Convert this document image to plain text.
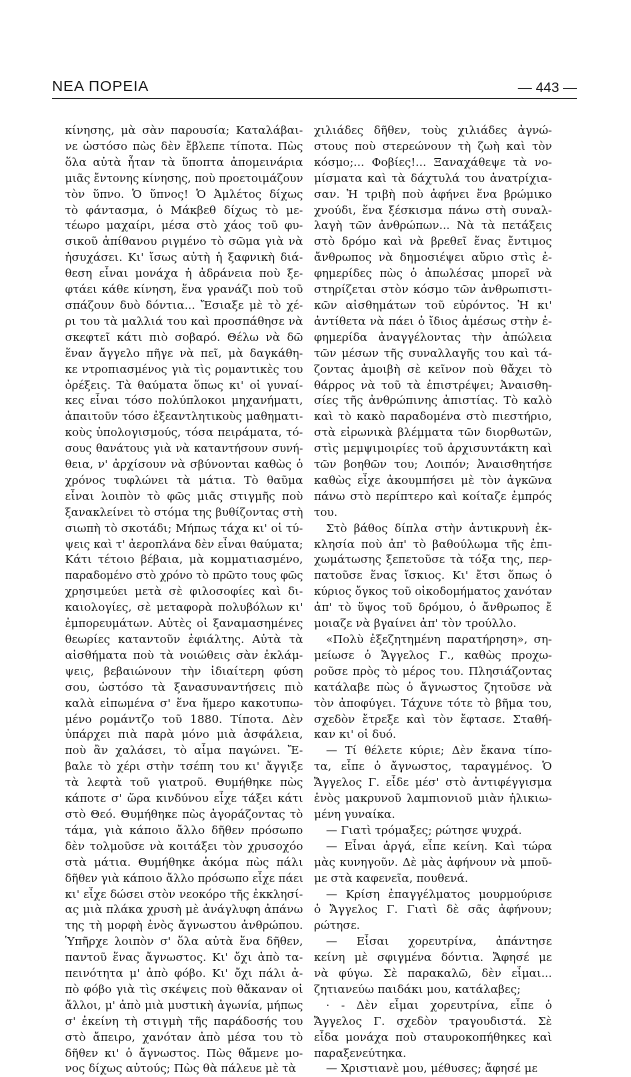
ΝΕΑ ΠΟΡΕΙΑ	— 443 —
κίνησης, μὰ σὰν παρουσία; Καταλάβαι-
νε ὡστόσο πὼς δὲν ἔβλεπε τίποτα. Πὼς
ὅλα αὐτὰ ἦταν τὰ ὕποπτα ἀπομεινάρια
μιᾶς ἔντονης κίνησης, ποὺ προετοιμάζουν
τὸν ὕπνο. Ὁ ὕπνος! Ὁ Ἀμλέτος δίχως
τὸ φάντασμα, ὁ Μάκβεθ δίχως τὸ με-
τέωρο μαχαίρι, μέσα στὸ χάος τοῦ φυ-
σικοῦ ἀπίθανου ριγμένο τὸ σῶμα γιὰ νὰ
ἡσυχάσει. Κι' ἴσως αὐτὴ ἡ ξαφνικὴ διά-
θεση εἶναι μονάχα ἡ ἀδράνεια ποὺ ξε-
φτάει κάθε κίνηση, ἕνα γρανάζι ποὺ τοῦ
σπάζουν δυὸ δόντια... Ἔσιαξε μὲ τὸ χέ-
ρι του τὰ μαλλιά του καὶ προσπάθησε νὰ
σκεφτεῖ κάτι πιὸ σοβαρό. Θέλω νὰ δῶ
ἕναν ἄγγελο πῆγε νὰ πεῖ, μὰ δαγκάθη-
κε ντροπιασμένος γιὰ τὶς ρομαντικὲς του
ὀρέξεις. Τὰ θαύματα ὅπως κι' οἱ γυναί-
κες εἶναι τόσο πολύπλοκοι μηχανήματι,
ἀπαιτοῦν τόσο ἐξεαντλητικοὺς μαθηματι-
κοὺς ὑπολογισμούς, τόσα πειράματα, τό-
σους θανάτους γιὰ νὰ καταντήσουν συνή-
θεια, ν' ἀρχίσουν νὰ σβύνονται καθὼς ὁ
χρόνος τυφλώνει τὰ μάτια. Τὸ θαῦμα
εἶναι λοιπὸν τὸ φῶς μιᾶς στιγμῆς ποὺ
ξανακλείνει τὸ στόμα της βυθίζοντας στὴ
σιωπὴ τὸ σκοτάδι; Μήπως τάχα κι' οἱ τύ-
ψεις καὶ τ' ἀεροπλάνα δὲν εἶναι θαύματα;
Κάτι τέτοιο βέβαια, μὰ κομματιασμένο,
παραδομένο στὸ χρόνο τὸ πρῶτο τους φῶς
χρησιμεύει μετὰ σὲ φιλοσοφίες καὶ δι-
καιολογίες, σὲ μεταφορὰ πολυβόλων κι'
ἐμπορευμάτων. Αὐτὲς οἱ ξαναμασημένες
θεωρίες καταντοῦν ἐφιάλτης. Αὐτὰ τὰ
αἰσθήματα ποὺ τὰ νοιώθεις σὰν ἐκλάμ-
ψεις, βεβαιώνουν τὴν ἰδιαίτερη φύση
σου, ὡστόσο τὰ ξανασυναντήσεις πιὸ
καλὰ εἰπωμένα σ' ἕνα ἥμερο κακοτυπω-
μένο ρομάντζο τοῦ 1880. Τίποτα. Δὲν
ὑπάρχει πιὰ παρὰ μόνο μιὰ ἀσφάλεια,
ποὺ ἂν χαλάσει, τὸ αἷμα παγώνει. Ἔ-
βαλε τὸ χέρι στὴν τσέπη του κι' ἄγγιξε
τὰ λεφτὰ τοῦ γιατροῦ. Θυμήθηκε πὼς
κάποτε σ' ὥρα κινδύνου εἶχε τάξει κάτι
στὸ Θεό. Θυμήθηκε πὼς ἀγοράζοντας τὸ
τάμα, γιὰ κάποιο ἄλλο δῆθεν πρόσωπο
δὲν τολμοῦσε νὰ κοιτάξει τὸν χρυσοχόο
στὰ μάτια. Θυμήθηκε ἀκόμα πὼς πάλι
δῆθεν γιὰ κάποιο ἄλλο πρόσωπο εἶχε πάει
κι' εἶχε δώσει στὸν νεοκόρο τῆς ἐκκλησί-
ας μιὰ πλάκα χρυσὴ μὲ ἀνάγλυφη ἀπάνω
της τὴ μορφὴ ἑνὸς ἄγνωστου ἀνθρώπου.
Ὑπῆρχε λοιπὸν σ' ὅλα αὐτὰ ἕνα δῆθεν,
παντοῦ ἕνας ἄγνωστος. Κι' ὄχι ἀπὸ τα-
πεινότητα μ' ἀπὸ φόβο. Κι' ὄχι πάλι ἀ-
πὸ φόβο γιὰ τὶς σκέψεις ποὺ θἄκαναν οἱ
ἄλλοι, μ' ἀπὸ μιὰ μυστικὴ ἀγωνία, μήπως
σ' ἐκείνη τὴ στιγμὴ τῆς παράδοσής του
στὸ ἄπειρο, χανόταν ἀπὸ μέσα του τὸ
δῆθεν κι' ὁ ἄγνωστος. Πὼς θἄμενε μο-
νος δίχως αὐτούς; Πὼς θὰ πάλευε μὲ τὰ
χιλιάδες δῆθεν, τοὺς χιλιάδες ἀγνώ-
στους ποὺ στερεώνουν τὴ ζωὴ καὶ τὸν
κόσμο;... Φοβίες!... Ξαναχάθεψε τὰ νο-
μίσματα καὶ τὰ δάχτυλά του ἀνατρίχια-
σαν. Ἡ τριβὴ ποὺ ἀφήνει ἕνα βρώμικο
χνούδι, ἕνα ξέσκισμα πάνω στὴ συναλ-
λαγὴ τῶν ἀνθρώπων... Νὰ τὰ πετάξεις
στὸ δρόμο καὶ νὰ βρεθεῖ ἕνας ἔντιμος
ἄνθρωπος νὰ δημοσιέψει αὔριο στὶς ἐ-
φημερίδες πὼς ὁ ἀπωλέσας μπορεῖ νὰ
στηρίζεται στὸν κόσμο τῶν ἀνθρωπιστι-
κῶν αἰσθημάτων τοῦ εὑρόντος. Ἡ κι'
ἀντίθετα νὰ πάει ὁ ἴδιος ἀμέσως στὴν ἐ-
φημερίδα ἀναγγέλοντας τὴν ἀπώλεια
τῶν μέσων τῆς συναλλαγῆς του καὶ τά-
ζοντας ἀμοιβὴ σὲ κεῖνον ποὺ θἄχει τὸ
θάρρος νὰ τοῦ τὰ ἐπιστρέψει; Ἀναισθη-
σίες τῆς ἀνθρώπινης ἀπιστίας. Τὸ καλὸ
καὶ τὸ κακὸ παραδομένα στὸ πιεστήριο,
στὰ εἰρωνικὰ βλέμματα τῶν διορθωτῶν,
στὶς μεμψιμοιρίες τοῦ ἀρχισυντάκτη καὶ
τῶν βοηθῶν του; Λοιπόν; Ἀναισθητήσε
καθὼς εἶχε ἀκουμπήσει μὲ τὸν ἀγκῶνα
πάνω στὸ περίπτερο καὶ κοίταζε ἐμπρός
του.
Στὸ βάθος δίπλα στὴν ἀντικρυνὴ ἐκ-
κλησία ποὺ ἀπ' τὸ βαθούλωμα τῆς ἐπι-
χωμάτωσης ξεπετοῦσε τὰ τόξα της, περ-
πατοῦσε ἕνας ἴσκιος. Κι' ἔτσι ὅπως ὁ
κύριος ὄγκος τοῦ οἰκοδομήματος χανόταν
ἀπ' τὸ ὕψος τοῦ δρόμου, ὁ ἄνθρωπος ἔ
μοιαζε νὰ βγαίνει ἀπ' τὸν τρούλλο.
«Πολὺ ἐξεζητημένη παρατήρηση», ση-
μείωσε ὁ Ἄγγελος Γ., καθὼς προχω-
ροῦσε πρὸς τὸ μέρος του. Πλησιάζοντας
κατάλαβε πὼς ὁ ἄγνωστος ζητοῦσε νὰ
τὸν ἀποφύγει. Τάχυνε τότε τὸ βῆμα του,
σχεδὸν ἔτρεξε καὶ τὸν ἔφτασε. Σταθή-
καν κι' οἱ δυό.
— Τί θέλετε κύριε; Δὲν ἔκανα τίπο-
τα, εἶπε ὁ ἄγνωστος, ταραγμένος. Ὁ
Ἄγγελος Γ. εἶδε μέσ' στὸ ἀντιφέγγισμα
ἑνὸς μακρυνοῦ λαμπιονιοῦ μιὰν ἠλικιω-
μένη γυναίκα.
— Γιατὶ τρόμαξες; ρώτησε ψυχρά.
— Εἶναι ἀργά, εἶπε κείνη. Καὶ τώρα
μὰς κυνηγοῦν. Δὲ μὰς ἀφήνουν νὰ μποῦ-
με στὰ καφενεῖα, πουθενά.
— Κρίση ἐπαγγέλματος μουρμούρισε
ὁ Ἄγγελος Γ. Γιατὶ δὲ σᾶς ἀφήνουν;
ρώτησε.
— Εἶσαι χορευτρίνα, ἀπάντησε
κείνη μὲ σφιγμένα δόντια. Ἄφησέ με
νὰ φύγω. Σὲ παρακαλῶ, δὲν εἶμαι...
ζητιανεύω παιδάκι μου, κατάλαβες;
· - Δὲν εἶμαι χορευτρίνα, εἶπε ὁ
Ἄγγελος Γ. σχεδὸν τραγουδιστά. Σὲ
εἶδα μονάχα ποὺ σταυροκοπήθηκες καὶ
παραξενεύτηκα.
— Χριστιανὲ μου, μέθυσες; ἄφησέ με
